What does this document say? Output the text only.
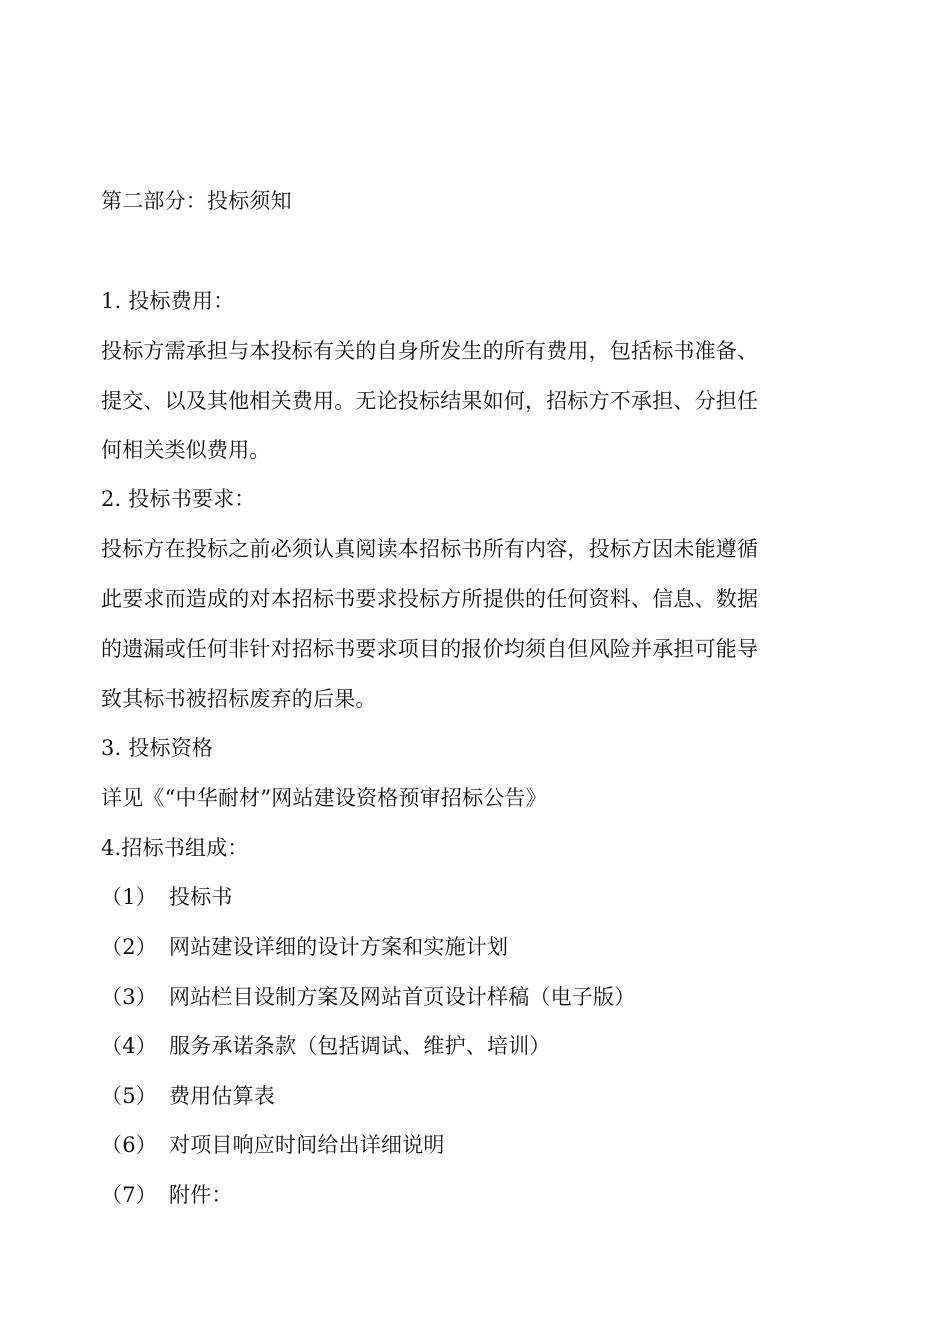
第二部分：投标须知
1. 投标费用：
投标方需承担与本投标有关的自身所发生的所有费用，包括标书准备、
提交、以及其他相关费用。无论投标结果如何，招标方不承担、分担任
何相关类似费用。
2. 投标书要求：
投标方在投标之前必须认真阅读本招标书所有内容，投标方因未能遵循
此要求而造成的对本招标书要求投标方所提供的任何资料、信息、数据
的遗漏或任何非针对招标书要求项目的报价均须自但风险并承担可能导
致其标书被招标废弃的后果。
3. 投标资格
详见《“中华耐材”网站建设资格预审招标公告》
4.招标书组成：
（1） 投标书
（2） 网站建设详细的设计方案和实施计划
（3） 网站栏目设制方案及网站首页设计样稿（电子版）
（4） 服务承诺条款（包括调试、维护、培训）
（5） 费用估算表
（6） 对项目响应时间给出详细说明
（7） 附件：
